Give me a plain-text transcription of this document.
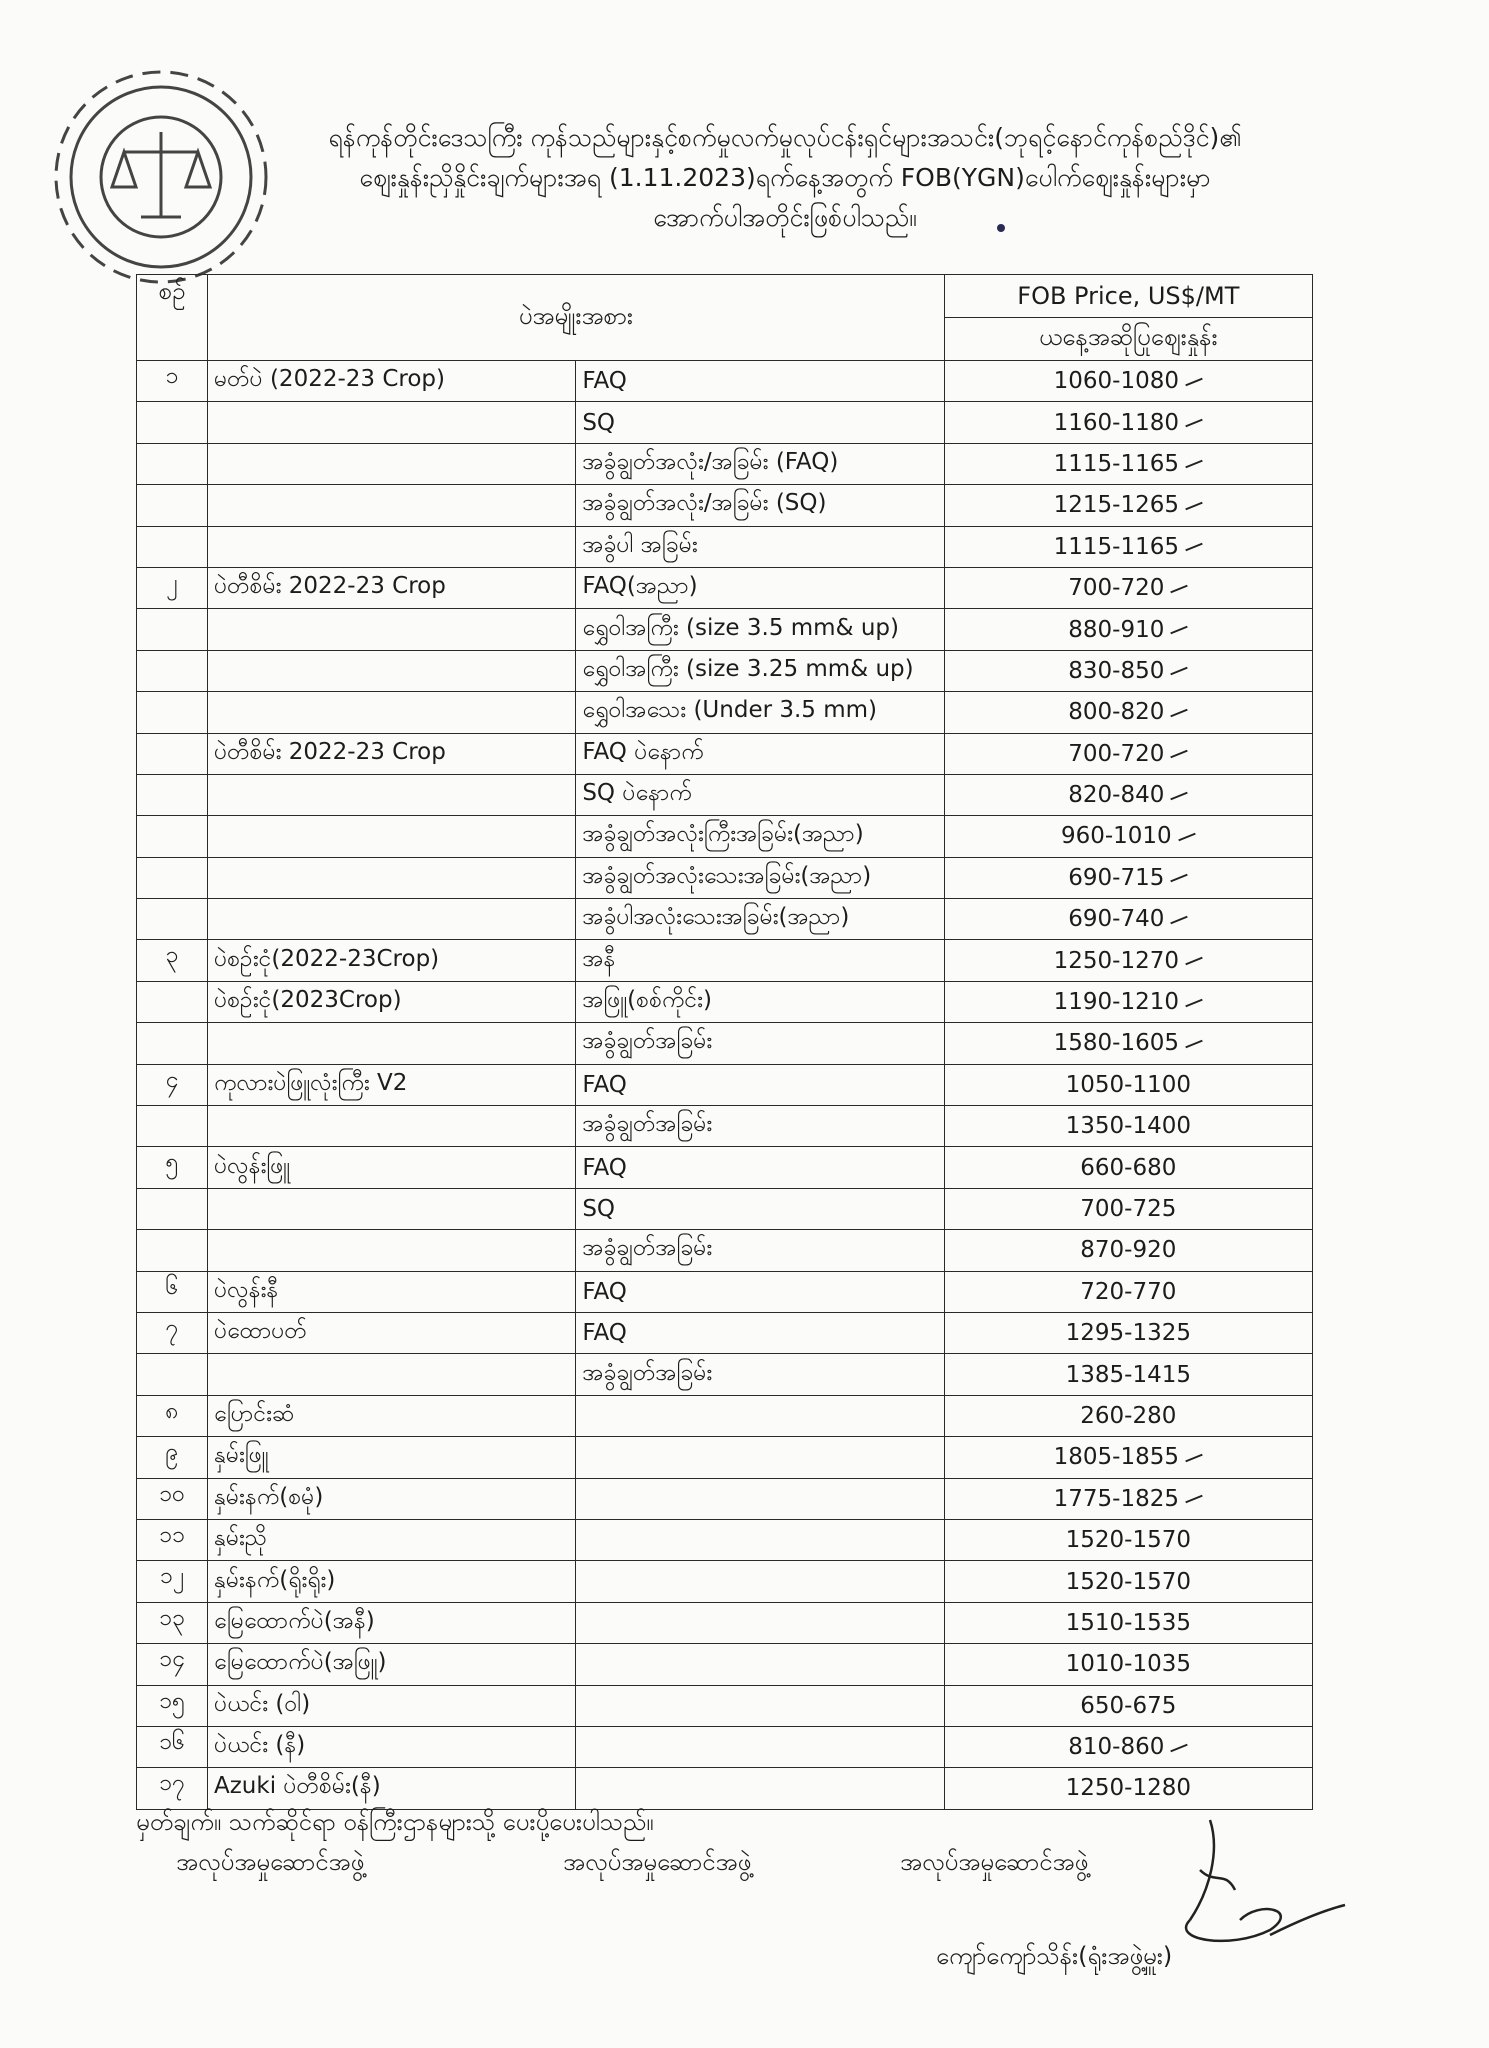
ရန်ကုန်တိုင်းဒေသကြီး ကုန်သည်များနှင့်စက်မှုလက်မှုလုပ်ငန်းရှင်များအသင်း(ဘုရင့်နောင်ကုန်စည်ဒိုင်)၏
ဈေးနှုန်းညှိနှိုင်းချက်များအရ (1.11.2023)ရက်နေ့အတွက် FOB(YGN)ပေါက်ဈေးနှုန်းများမှာ
အောက်ပါအတိုင်းဖြစ်ပါသည်။
စဉ်	ပဲအမျိုးအစား		FOB Price, US$/MT
			ယနေ့အဆိုပြုဈေးနှုန်း
၁	မတ်ပဲ (2022-23 Crop)	FAQ	1060-1080
		SQ	1160-1180
		အခွံချွတ်အလုံး/အခြမ်း (FAQ)	1115-1165
		အခွံချွတ်အလုံး/အခြမ်း (SQ)	1215-1265
		အခွံပါ အခြမ်း	1115-1165
၂	ပဲတီစိမ်း 2022-23 Crop	FAQ(အညာ)	700-720
		ရွှေဝါအကြီး (size 3.5 mm& up)	880-910
		ရွှေဝါအကြီး (size 3.25 mm& up)	830-850
		ရွှေဝါအသေး (Under 3.5 mm)	800-820
	ပဲတီစိမ်း 2022-23 Crop	FAQ ပဲနောက်	700-720
		SQ ပဲနောက်	820-840
		အခွံချွတ်အလုံးကြီးအခြမ်း(အညာ)	960-1010
		အခွံချွတ်အလုံးသေးအခြမ်း(အညာ)	690-715
		အခွံပါအလုံးသေးအခြမ်း(အညာ)	690-740
၃	ပဲစဉ်းငုံ(2022-23Crop)	အနီ	1250-1270
	ပဲစဉ်းငုံ(2023Crop)	အဖြူ(စစ်ကိုင်း)	1190-1210
		အခွံချွတ်အခြမ်း	1580-1605
၄	ကုလားပဲဖြူလုံးကြီး V2	FAQ	1050-1100
		အခွံချွတ်အခြမ်း	1350-1400
၅	ပဲလွန်းဖြူ	FAQ	660-680
		SQ	700-725
		အခွံချွတ်အခြမ်း	870-920
၆	ပဲလွန်းနီ	FAQ	720-770
၇	ပဲထောပတ်	FAQ	1295-1325
		အခွံချွတ်အခြမ်း	1385-1415
၈	ပြောင်းဆံ		260-280
၉	နှမ်းဖြူ		1805-1855
၁၀	နှမ်းနက်(စမုံ)		1775-1825
၁၁	နှမ်းညို		1520-1570
၁၂	နှမ်းနက်(ရိုးရိုး)		1520-1570
၁၃	မြေထောက်ပဲ(အနီ)		1510-1535
၁၄	မြေထောက်ပဲ(အဖြူ)		1010-1035
၁၅	ပဲယင်း (ဝါ)		650-675
၁၆	ပဲယင်း (နီ)		810-860
၁၇	Azuki ပဲတီစိမ်း(နီ)		1250-1280
မှတ်ချက်။ သက်ဆိုင်ရာ ဝန်ကြီးဌာနများသို့ ပေးပို့ပေးပါသည်။
အလုပ်အမှုဆောင်အဖွဲ့	အလုပ်အမှုဆောင်အဖွဲ့	အလုပ်အမှုဆောင်အဖွဲ့
ကျော်ကျော်သိန်း(ရုံးအဖွဲ့မှူး)
